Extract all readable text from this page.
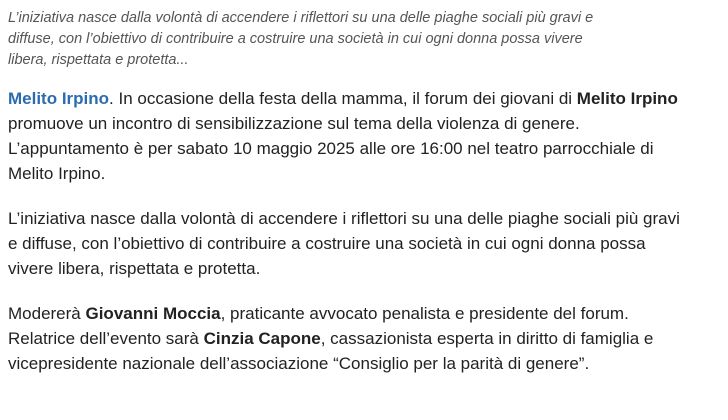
L’iniziativa nasce dalla volontà di accendere i riflettori su una delle piaghe sociali più gravi e
diffuse, con l’obiettivo di contribuire a costruire una società in cui ogni donna possa vivere
libera, rispettata e protetta...

Melito Irpino. In occasione della festa della mamma, il forum dei giovani di Melito Irpino
promuove un incontro di sensibilizzazione sul tema della violenza di genere.
L’appuntamento è per sabato 10 maggio 2025 alle ore 16:00 nel teatro parrocchiale di
Melito Irpino.

L’iniziativa nasce dalla volontà di accendere i riflettori su una delle piaghe sociali più gravi
e diffuse, con l’obiettivo di contribuire a costruire una società in cui ogni donna possa
vivere libera, rispettata e protetta.

Modererà Giovanni Moccia, praticante avvocato penalista e presidente del forum.
Relatrice dell’evento sarà Cinzia Capone, cassazionista esperta in diritto di famiglia e
vicepresidente nazionale dell’associazione “Consiglio per la parità di genere”.
